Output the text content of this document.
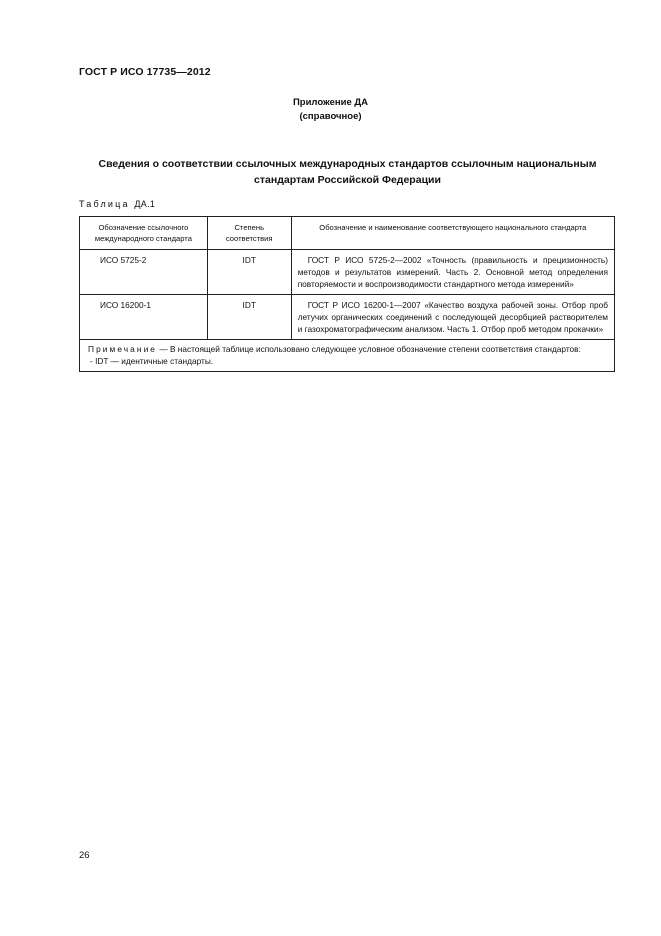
ГОСТ Р ИСО 17735—2012
Приложение ДА
(справочное)
Сведения о соответствии ссылочных международных стандартов ссылочным национальным
стандартам Российской Федерации
Таблица ДА.1
Обозначение ссылочного международного стандарта	Степень соответствия	Обозначение и наименование соответствующего национального стандарта
ИСО 5725-2	IDT	ГОСТ Р ИСО 5725-2—2002 «Точность (правильность и прецизионность) методов и результатов измерений. Часть 2. Основной метод определения повторяемости и воспроизводимости стандартного метода измерений»
ИСО 16200-1	IDT	ГОСТ Р ИСО 16200-1—2007 «Качество воздуха рабочей зоны. Отбор проб летучих органических соединений с последующей десорбцией растворителем и газохроматографическим анализом. Часть 1. Отбор проб методом прокачки»
Примечание — В настоящей таблице использовано следующее условное обозначение степени соответствия стандартов:
- IDT — идентичные стандарты.		
26
